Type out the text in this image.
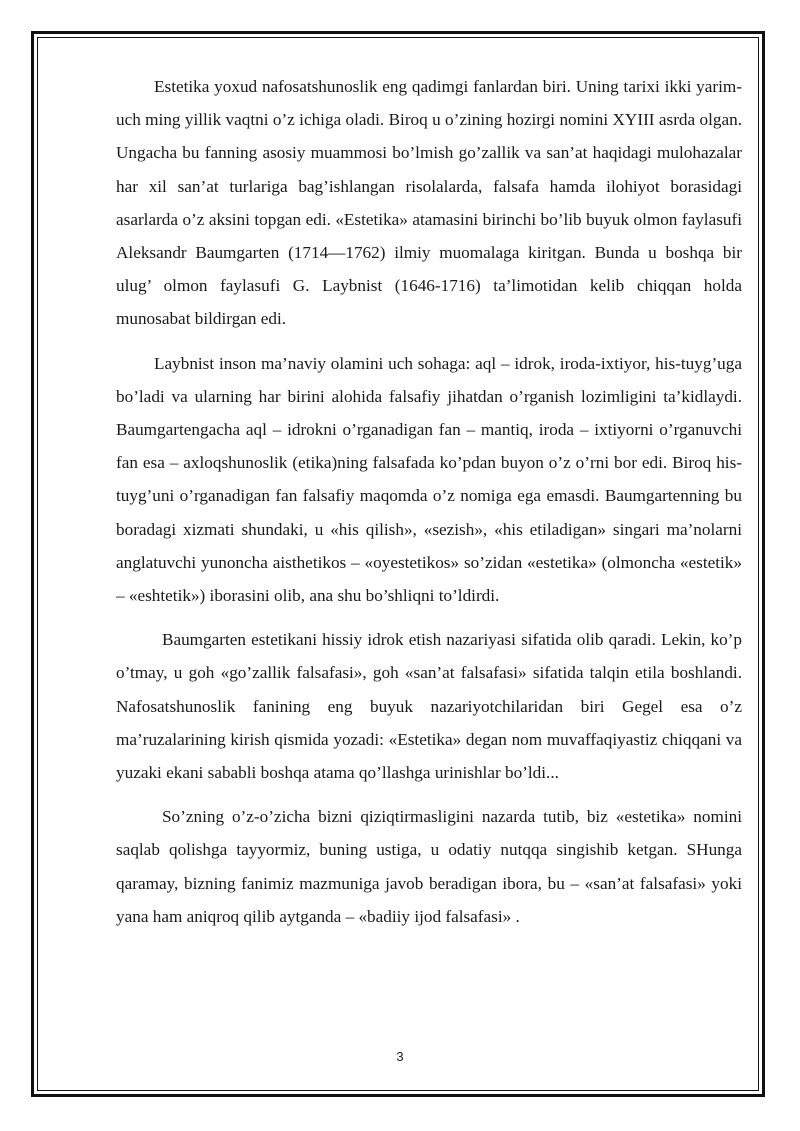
Estetika yoxud nafosatshunoslik eng qadimgi fanlardan biri. Uning tarixi ikki yarim-uch ming yillik vaqtni o’z ichiga oladi. Biroq u o’zining hozirgi nomini XYIII asrda olgan. Ungacha bu fanning asosiy muammosi bo’lmish go’zallik va san’at haqidagi mulohazalar har xil san’at turlariga bag’ishlangan risolalarda, falsafa hamda ilohiyot borasidagi asarlarda o’z aksini topgan edi. «Estetika» atamasini birinchi bo’lib buyuk olmon faylasufi Aleksandr Baumgarten (1714—1762) ilmiy muomalaga kiritgan. Bunda u boshqa bir ulug’ olmon faylasufi G. Laybnist (1646-1716) ta’limotidan kelib chiqqan holda munosabat bildirgan edi.

Laybnist inson ma’naviy olamini uch sohaga: aql – idrok, iroda-ixtiyor, his-tuyg’uga bo’ladi va ularning har birini alohida falsafiy jihatdan o’rganish lozimligini ta’kidlaydi. Baumgartengacha aql – idrokni o’rganadigan fan – mantiq, iroda – ixtiyorni o’rganuvchi fan esa – axloqshunoslik (etika)ning falsafada ko’pdan buyon o’z o’rni bor edi. Biroq his-tuyg’uni o’rganadigan fan falsafiy maqomda o’z nomiga ega emasdi. Baumgartenning bu boradagi xizmati shundaki, u «his qilish», «sezish», «his etiladigan» singari ma’nolarni anglatuvchi yunoncha aisthetikos – «oyestetikos» so’zidan «estetika» (olmoncha «estetik» – «eshtetik») iborasini olib, ana shu bo’shliqni to’ldirdi.

Baumgarten estetikani hissiy idrok etish nazariyasi sifatida olib qaradi. Lekin, ko’p o’tmay, u goh «go’zallik falsafasi», goh «san’at falsafasi» sifatida talqin etila boshlandi. Nafosatshunoslik fanining eng buyuk nazariyotchilaridan biri Gegel esa o’z ma’ruzalarining kirish qismida yozadi: «Estetika» degan nom muvaffaqiyastiz chiqqani va yuzaki ekani sababli boshqa atama qo’llashga urinishlar bo’ldi...

So’zning o’z-o’zicha bizni qiziqtirmasligini nazarda tutib, biz «estetika» nomini saqlab qolishga tayyormiz, buning ustiga, u odatiy nutqqa singishib ketgan. SHunga qaramay, bizning fanimiz mazmuniga javob beradigan ibora, bu – «san’at falsafasi» yoki yana ham aniqroq qilib aytganda – «badiiy ijod falsafasi» .

3
